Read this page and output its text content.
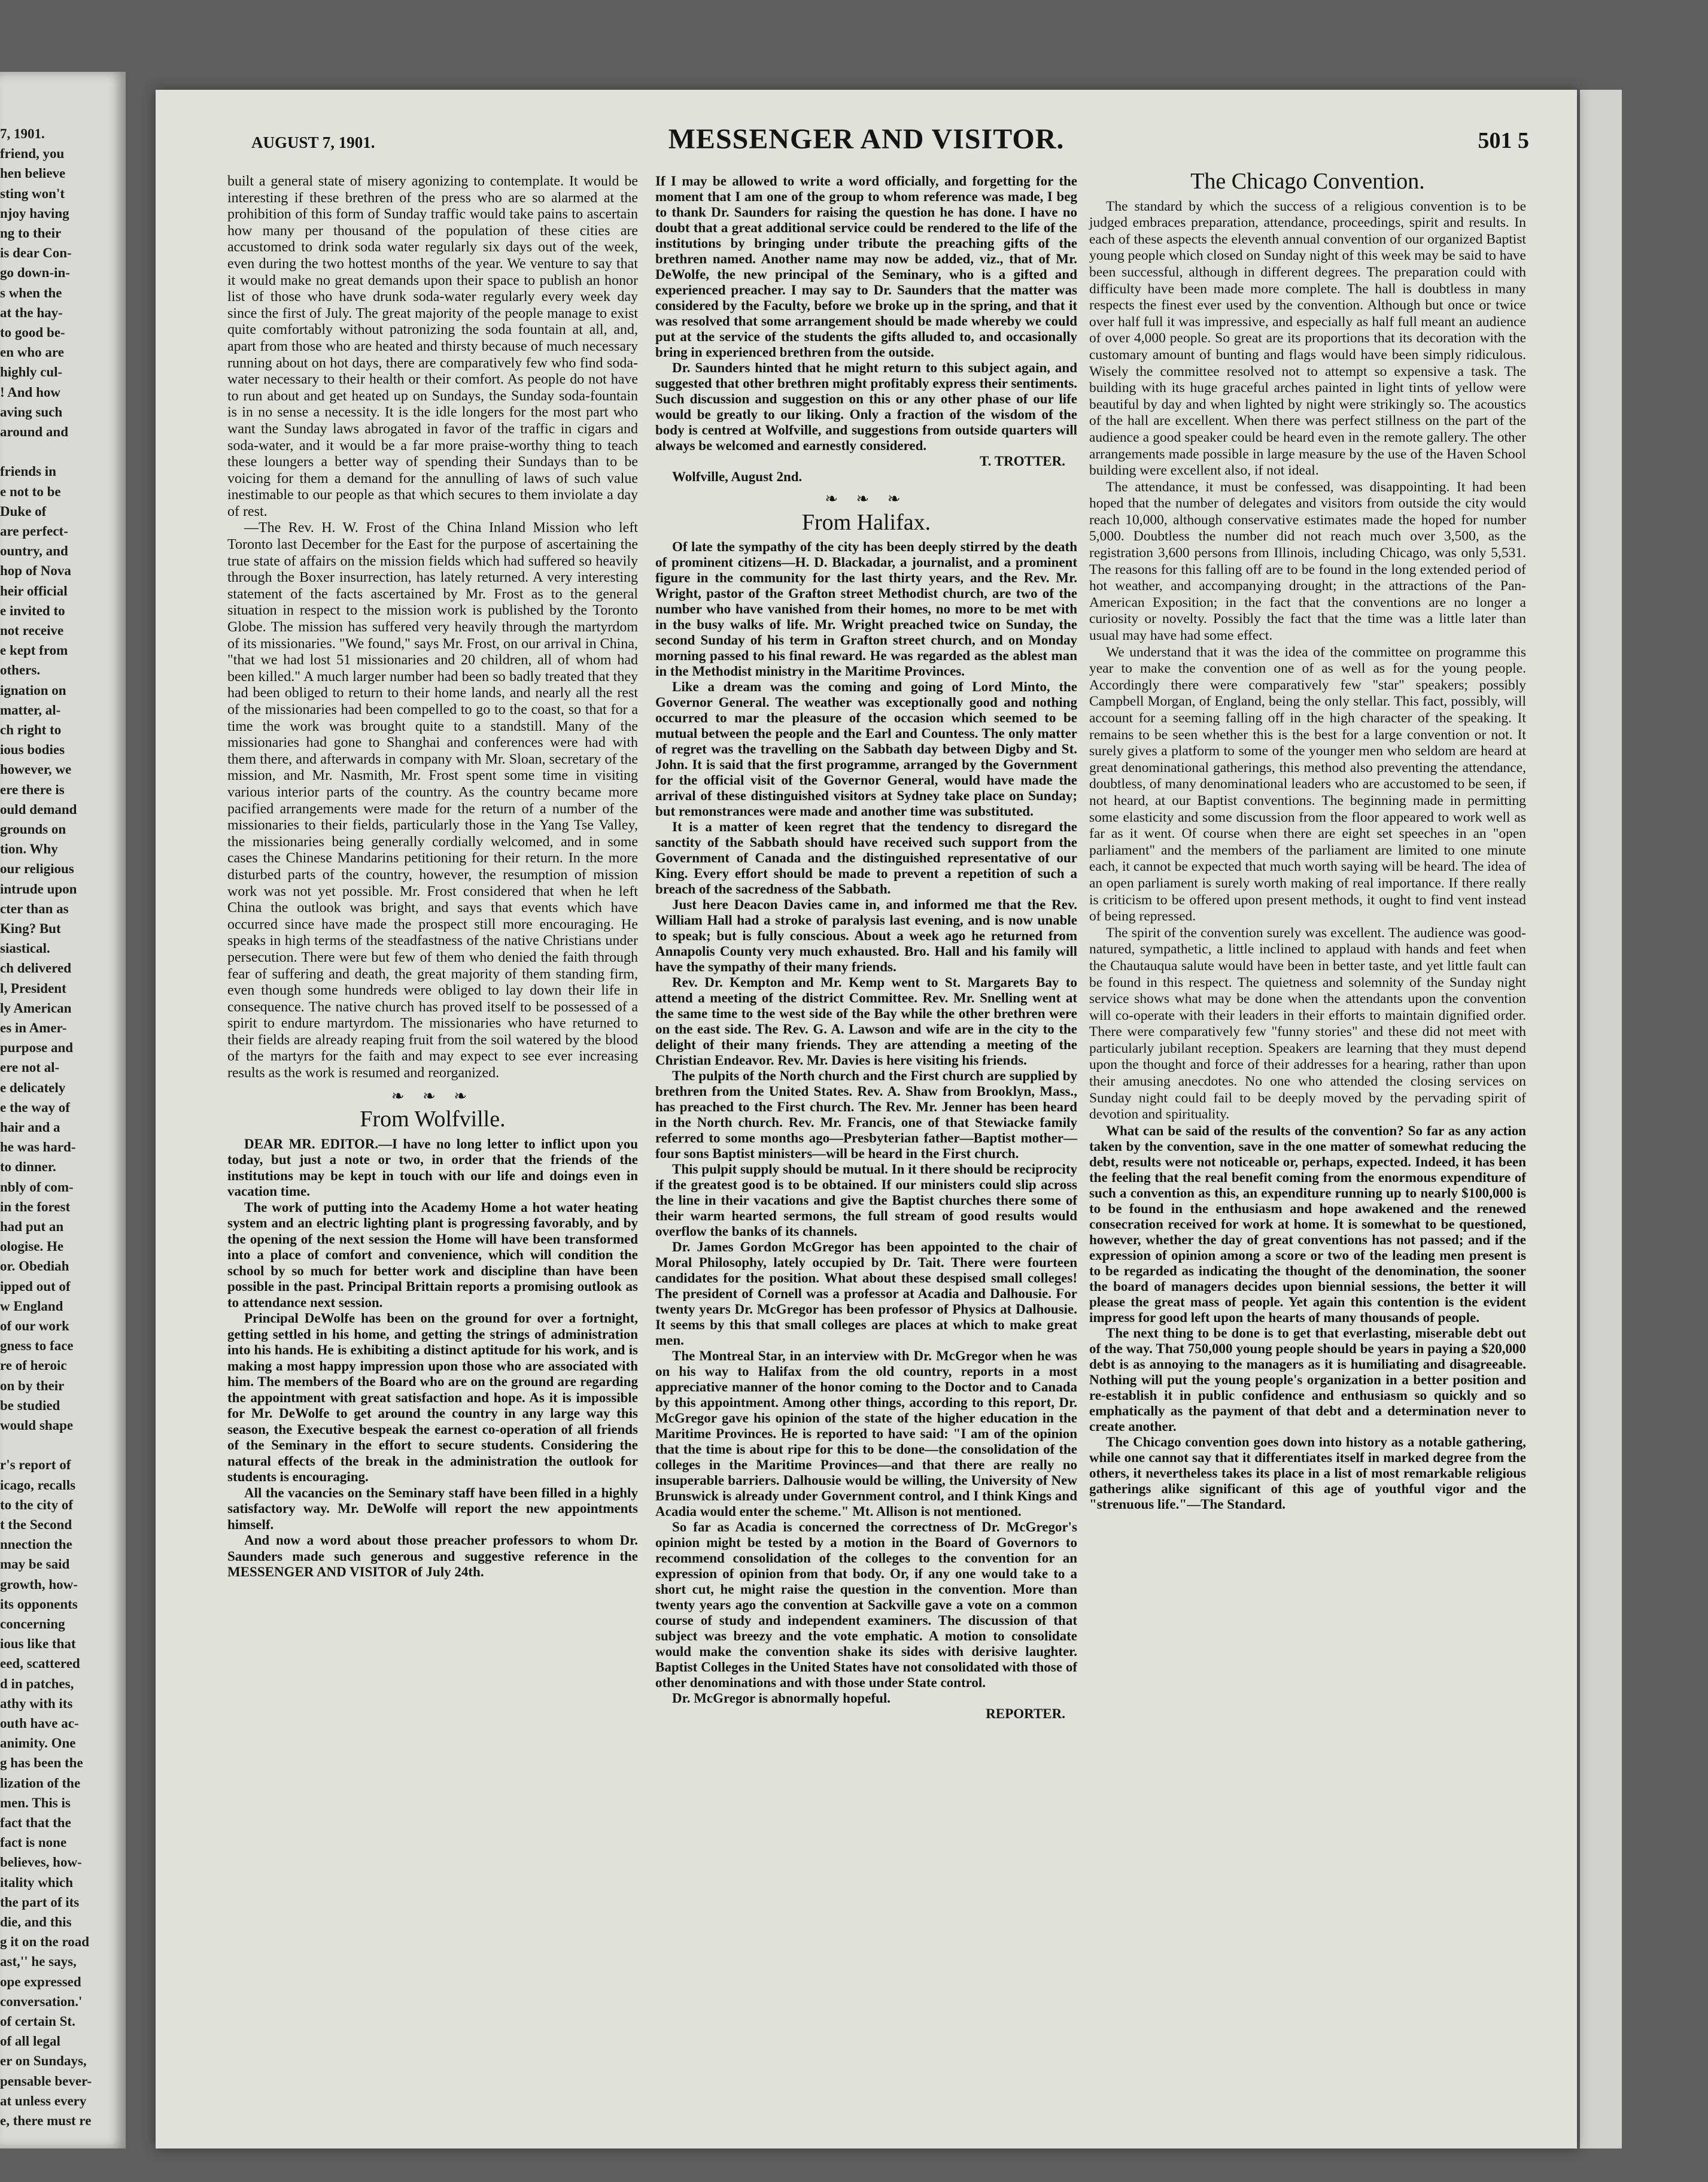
7, 1901.
friend, you
hen believe
sting won't
njoy having
ng to their
is dear Con-
go down-in-
s when the
at the hay-
to good be-
en who are
highly cul-
! And how
aving such
around and
friends in
e not to be
Duke of
are perfect-
ountry, and
hop of Nova
heir official
e invited to
not receive
e kept from
others.
ignation on
matter, al-
ch right to
ious bodies
however, we
ere there is
ould demand
grounds on
tion. Why
our religious
intrude upon
cter than as
King? But
siastical.
ch delivered
l, President
ly American
es in Amer-
purpose and
ere not al-
e delicately
e the way of
hair and a
he was hard-
to dinner.
nbly of com-
in the forest
had put an
ologise. He
or. Obediah
ipped out of
w England
of our work
gness to face
re of heroic
on by their
be studied
would shape
r's report of
icago, recalls
to the city of
t the Second
nnection the
may be said
growth, how-
its opponents
concerning
ious like that
eed, scattered
d in patches,
athy with its
outh have ac-
animity. One
g has been the
lization of the
men. This is
fact that the
fact is none
believes, how-
itality which
the part of its
die, and this
g it on the road
ast,'' he says,
ope expressed
conversation.'
of certain St.
of all legal
er on Sundays,
pensable bever-
at unless every
e, there must re
AUGUST 7, 1901.	MESSENGER AND VISITOR.	501 5

built a general state of misery agonizing to contemplate. It would be interesting if these brethren of the press who are so alarmed at the prohibition of this form of Sunday traffic would take pains to ascertain how many per thousand of the population of these cities are accustomed to drink soda water regularly six days out of the week, even during the two hottest months of the year. We venture to say that it would make no great demands upon their space to publish an honor list of those who have drunk soda-water regularly every week day since the first of July. The great majority of the people manage to exist quite comfortably without patronizing the soda fountain at all, and, apart from those who are heated and thirsty because of much necessary running about on hot days, there are comparatively few who find soda-water necessary to their health or their comfort. As people do not have to run about and get heated up on Sundays, the Sunday soda-fountain is in no sense a necessity. It is the idle longers for the most part who want the Sunday laws abrogated in favor of the traffic in cigars and soda-water, and it would be a far more praise-worthy thing to teach these loungers a better way of spending their Sundays than to be voicing for them a demand for the annulling of laws of such value inestimable to our people as that which secures to them inviolate a day of rest.

—The Rev. H. W. Frost of the China Inland Mission who left Toronto last December for the East for the purpose of ascertaining the true state of affairs on the mission fields which had suffered so heavily through the Boxer insurrection, has lately returned. A very interesting statement of the facts ascertained by Mr. Frost as to the general situation in respect to the mission work is published by the Toronto Globe. The mission has suffered very heavily through the martyrdom of its missionaries. "We found," says Mr. Frost, on our arrival in China, "that we had lost 51 missionaries and 20 children, all of whom had been killed." A much larger number had been so badly treated that they had been obliged to return to their home lands, and nearly all the rest of the missionaries had been compelled to go to the coast, so that for a time the work was brought quite to a standstill. Many of the missionaries had gone to Shanghai and conferences were had with them there, and afterwards in company with Mr. Sloan, secretary of the mission, and Mr. Nasmith, Mr. Frost spent some time in visiting various interior parts of the country. As the country became more pacified arrangements were made for the return of a number of the missionaries to their fields, particularly those in the Yang Tse Valley, the missionaries being generally cordially welcomed, and in some cases the Chinese Mandarins petitioning for their return. In the more disturbed parts of the country, however, the resumption of mission work was not yet possible. Mr. Frost considered that when he left China the outlook was bright, and says that events which have occurred since have made the prospect still more encouraging. He speaks in high terms of the steadfastness of the native Christians under persecution. There were but few of them who denied the faith through fear of suffering and death, the great majority of them standing firm, even though some hundreds were obliged to lay down their life in consequence. The native church has proved itself to be possessed of a spirit to endure martyrdom. The missionaries who have returned to their fields are already reaping fruit from the soil watered by the blood of the martyrs for the faith and may expect to see ever increasing results as the work is resumed and reorganized.

❧ ❧ ❧
From Wolfville.

DEAR MR. EDITOR.—I have no long letter to inflict upon you today, but just a note or two, in order that the friends of the institutions may be kept in touch with our life and doings even in vacation time.

The work of putting into the Academy Home a hot water heating system and an electric lighting plant is progressing favorably, and by the opening of the next session the Home will have been transformed into a place of comfort and convenience, which will condition the school by so much for better work and discipline than have been possible in the past. Principal Brittain reports a promising outlook as to attendance next session.

Principal DeWolfe has been on the ground for over a fortnight, getting settled in his home, and getting the strings of administration into his hands. He is exhibiting a distinct aptitude for his work, and is making a most happy impression upon those who are associated with him. The members of the Board who are on the ground are regarding the appointment with great satisfaction and hope. As it is impossible for Mr. DeWolfe to get around the country in any large way this season, the Executive bespeak the earnest co-operation of all friends of the Seminary in the effort to secure students. Considering the natural effects of the break in the administration the outlook for students is encouraging.

All the vacancies on the Seminary staff have been filled in a highly satisfactory way. Mr. DeWolfe will report the new appointments himself.

And now a word about those preacher professors to whom Dr. Saunders made such generous and suggestive reference in the MESSENGER AND VISITOR of July 24th.

If I may be allowed to write a word officially, and forgetting for the moment that I am one of the group to whom reference was made, I beg to thank Dr. Saunders for raising the question he has done. I have no doubt that a great additional service could be rendered to the life of the institutions by bringing under tribute the preaching gifts of the brethren named. Another name may now be added, viz., that of Mr. DeWolfe, the new principal of the Seminary, who is a gifted and experienced preacher. I may say to Dr. Saunders that the matter was considered by the Faculty, before we broke up in the spring, and that it was resolved that some arrangement should be made whereby we could put at the service of the students the gifts alluded to, and occasionally bring in experienced brethren from the outside.

Dr. Saunders hinted that he might return to this subject again, and suggested that other brethren might profitably express their sentiments. Such discussion and suggestion on this or any other phase of our life would be greatly to our liking. Only a fraction of the wisdom of the body is centred at Wolfville, and suggestions from outside quarters will always be welcomed and earnestly considered.

T. TROTTER.
Wolfville, August 2nd.
❧ ❧ ❧
From Halifax.

Of late the sympathy of the city has been deeply stirred by the death of prominent citizens—H. D. Blackadar, a journalist, and a prominent figure in the community for the last thirty years, and the Rev. Mr. Wright, pastor of the Grafton street Methodist church, are two of the number who have vanished from their homes, no more to be met with in the busy walks of life. Mr. Wright preached twice on Sunday, the second Sunday of his term in Grafton street church, and on Monday morning passed to his final reward. He was regarded as the ablest man in the Methodist ministry in the Maritime Provinces.

Like a dream was the coming and going of Lord Minto, the Governor General. The weather was exceptionally good and nothing occurred to mar the pleasure of the occasion which seemed to be mutual between the people and the Earl and Countess. The only matter of regret was the travelling on the Sabbath day between Digby and St. John. It is said that the first programme, arranged by the Government for the official visit of the Governor General, would have made the arrival of these distinguished visitors at Sydney take place on Sunday; but remonstrances were made and another time was substituted.

It is a matter of keen regret that the tendency to disregard the sanctity of the Sabbath should have received such support from the Government of Canada and the distinguished representative of our King. Every effort should be made to prevent a repetition of such a breach of the sacredness of the Sabbath.

Just here Deacon Davies came in, and informed me that the Rev. William Hall had a stroke of paralysis last evening, and is now unable to speak; but is fully conscious. About a week ago he returned from Annapolis County very much exhausted. Bro. Hall and his family will have the sympathy of their many friends.

Rev. Dr. Kempton and Mr. Kemp went to St. Margarets Bay to attend a meeting of the district Committee. Rev. Mr. Snelling went at the same time to the west side of the Bay while the other brethren were on the east side. The Rev. G. A. Lawson and wife are in the city to the delight of their many friends. They are attending a meeting of the Christian Endeavor. Rev. Mr. Davies is here visiting his friends.

The pulpits of the North church and the First church are supplied by brethren from the United States. Rev. A. Shaw from Brooklyn, Mass., has preached to the First church. The Rev. Mr. Jenner has been heard in the North church. Rev. Mr. Francis, one of that Stewiacke family referred to some months ago—Presbyterian father—Baptist mother—four sons Baptist ministers—will be heard in the First church.

This pulpit supply should be mutual. In it there should be reciprocity if the greatest good is to be obtained. If our ministers could slip across the line in their vacations and give the Baptist churches there some of their warm hearted sermons, the full stream of good results would overflow the banks of its channels.

Dr. James Gordon McGregor has been appointed to the chair of Moral Philosophy, lately occupied by Dr. Tait. There were fourteen candidates for the position. What about these despised small colleges! The president of Cornell was a professor at Acadia and Dalhousie. For twenty years Dr. McGregor has been professor of Physics at Dalhousie. It seems by this that small colleges are places at which to make great men.

The Montreal Star, in an interview with Dr. McGregor when he was on his way to Halifax from the old country, reports in a most appreciative manner of the honor coming to the Doctor and to Canada by this appointment. Among other things, according to this report, Dr. McGregor gave his opinion of the state of the higher education in the Maritime Provinces. He is reported to have said: "I am of the opinion that the time is about ripe for this to be done—the consolidation of the colleges in the Maritime Provinces—and that there are really no insuperable barriers. Dalhousie would be willing, the University of New Brunswick is already under Government control, and I think Kings and Acadia would enter the scheme." Mt. Allison is not mentioned.

So far as Acadia is concerned the correctness of Dr. McGregor's opinion might be tested by a motion in the Board of Governors to recommend consolidation of the colleges to the convention for an expression of opinion from that body. Or, if any one would take to a short cut, he might raise the question in the convention. More than twenty years ago the convention at Sackville gave a vote on a common course of study and independent examiners. The discussion of that subject was breezy and the vote emphatic. A motion to consolidate would make the convention shake its sides with derisive laughter. Baptist Colleges in the United States have not consolidated with those of other denominations and with those under State control.

Dr. McGregor is abnormally hopeful.

REPORTER.
The Chicago Convention.

The standard by which the success of a religious convention is to be judged embraces preparation, attendance, proceedings, spirit and results. In each of these aspects the eleventh annual convention of our organized Baptist young people which closed on Sunday night of this week may be said to have been successful, although in different degrees. The preparation could with difficulty have been made more complete. The hall is doubtless in many respects the finest ever used by the convention. Although but once or twice over half full it was impressive, and especially as half full meant an audience of over 4,000 people. So great are its proportions that its decoration with the customary amount of bunting and flags would have been simply ridiculous. Wisely the committee resolved not to attempt so expensive a task. The building with its huge graceful arches painted in light tints of yellow were beautiful by day and when lighted by night were strikingly so. The acoustics of the hall are excellent. When there was perfect stillness on the part of the audience a good speaker could be heard even in the remote gallery. The other arrangements made possible in large measure by the use of the Haven School building were excellent also, if not ideal.

The attendance, it must be confessed, was disappointing. It had been hoped that the number of delegates and visitors from outside the city would reach 10,000, although conservative estimates made the hoped for number 5,000. Doubtless the number did not reach much over 3,500, as the registration 3,600 persons from Illinois, including Chicago, was only 5,531. The reasons for this falling off are to be found in the long extended period of hot weather, and accompanying drought; in the attractions of the Pan-American Exposition; in the fact that the conventions are no longer a curiosity or novelty. Possibly the fact that the time was a little later than usual may have had some effect.

We understand that it was the idea of the committee on programme this year to make the convention one of as well as for the young people. Accordingly there were comparatively few "star" speakers; possibly Campbell Morgan, of England, being the only stellar. This fact, possibly, will account for a seeming falling off in the high character of the speaking. It remains to be seen whether this is the best for a large convention or not. It surely gives a platform to some of the younger men who seldom are heard at great denominational gatherings, this method also preventing the attendance, doubtless, of many denominational leaders who are accustomed to be seen, if not heard, at our Baptist conventions. The beginning made in permitting some elasticity and some discussion from the floor appeared to work well as far as it went. Of course when there are eight set speeches in an "open parliament" and the members of the parliament are limited to one minute each, it cannot be expected that much worth saying will be heard. The idea of an open parliament is surely worth making of real importance. If there really is criticism to be offered upon present methods, it ought to find vent instead of being repressed.

The spirit of the convention surely was excellent. The audience was good-natured, sympathetic, a little inclined to applaud with hands and feet when the Chautauqua salute would have been in better taste, and yet little fault can be found in this respect. The quietness and solemnity of the Sunday night service shows what may be done when the attendants upon the convention will co-operate with their leaders in their efforts to maintain dignified order. There were comparatively few "funny stories" and these did not meet with particularly jubilant reception. Speakers are learning that they must depend upon the thought and force of their addresses for a hearing, rather than upon their amusing anecdotes. No one who attended the closing services on Sunday night could fail to be deeply moved by the pervading spirit of devotion and spirituality.

What can be said of the results of the convention? So far as any action taken by the convention, save in the one matter of somewhat reducing the debt, results were not noticeable or, perhaps, expected. Indeed, it has been the feeling that the real benefit coming from the enormous expenditure of such a convention as this, an expenditure running up to nearly $100,000 is to be found in the enthusiasm and hope awakened and the renewed consecration received for work at home. It is somewhat to be questioned, however, whether the day of great conventions has not passed; and if the expression of opinion among a score or two of the leading men present is to be regarded as indicating the thought of the denomination, the sooner the board of managers decides upon biennial sessions, the better it will please the great mass of people. Yet again this contention is the evident impress for good left upon the hearts of many thousands of people.

The next thing to be done is to get that everlasting, miserable debt out of the way. That 750,000 young people should be years in paying a $20,000 debt is as annoying to the managers as it is humiliating and disagreeable. Nothing will put the young people's organization in a better position and re-establish it in public confidence and enthusiasm so quickly and so emphatically as the payment of that debt and a determination never to create another.

The Chicago convention goes down into history as a notable gathering, while one cannot say that it differentiates itself in marked degree from the others, it nevertheless takes its place in a list of most remarkable religious gatherings alike significant of this age of youthful vigor and the "strenuous life."—The Standard.
